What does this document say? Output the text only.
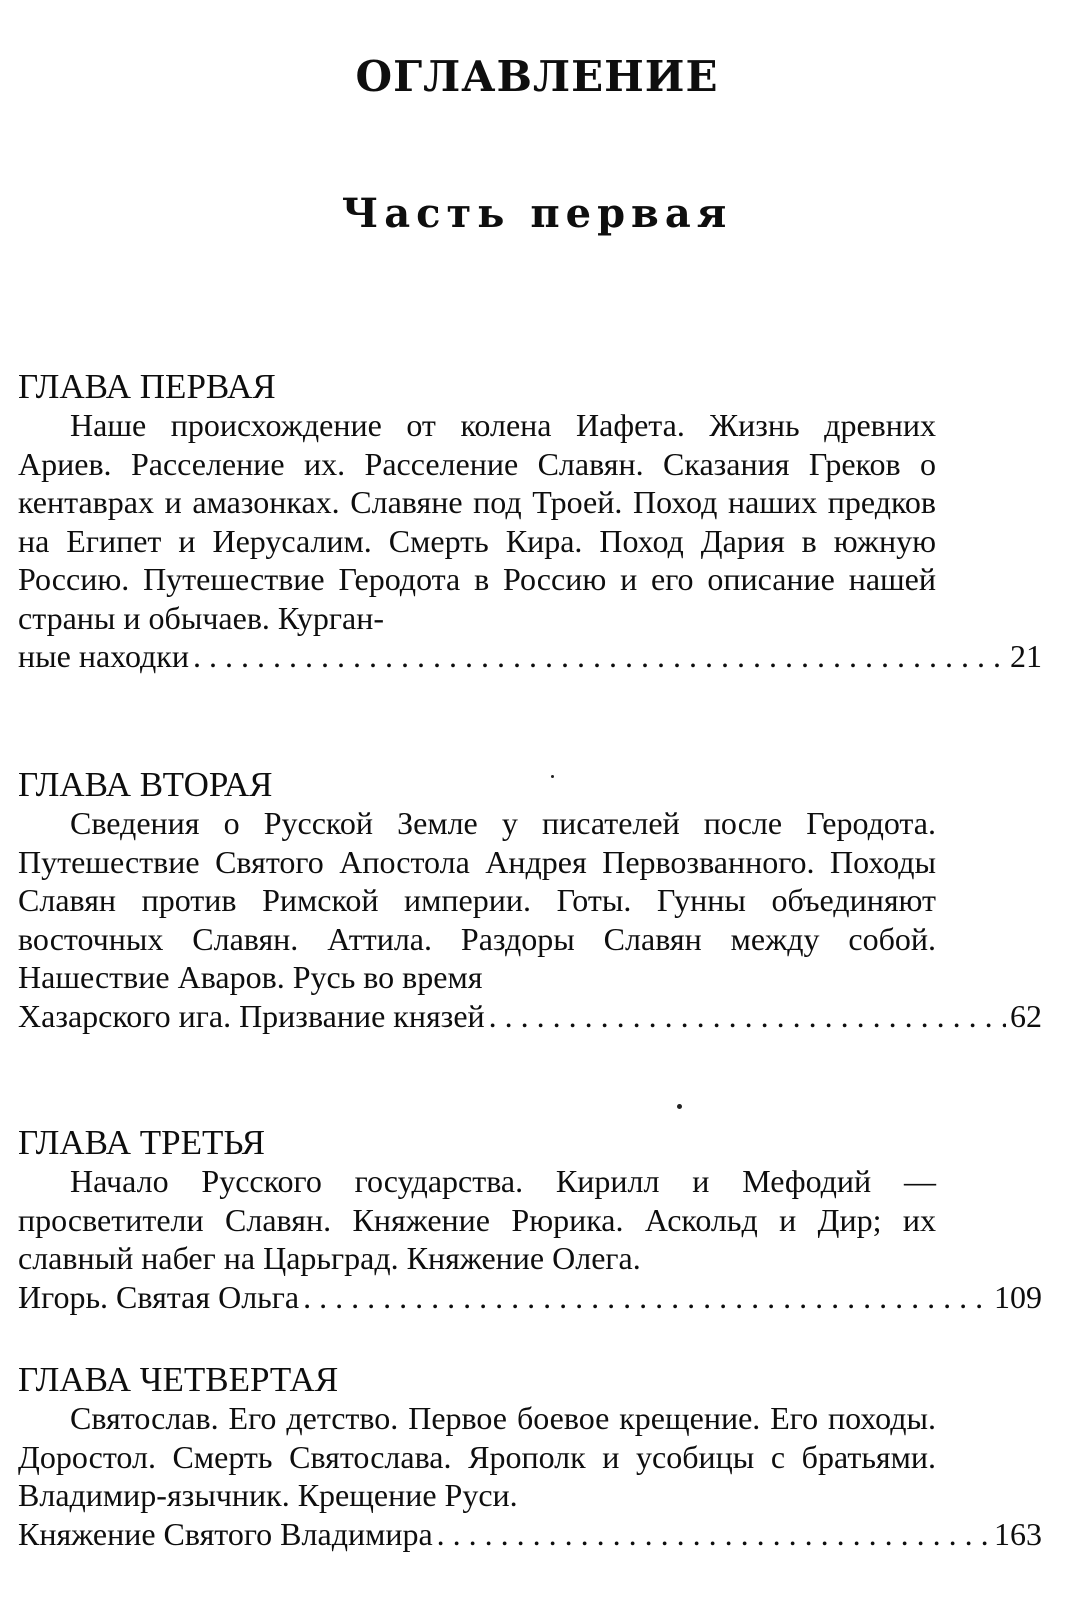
ОГЛАВЛЕНИЕ
Часть первая

ГЛАВА ПЕРВАЯ

Наше происхождение от колена Иафета. Жизнь древних Ариев. Расселение их. Расселение Славян. Сказания Греков о кентаврах и амазонках. Славяне под Троей. Поход наших предков на Египет и Иерусалим. Смерть Кира. Поход Дария в южную Россию. Путешествие Геродота в Россию и его описание нашей страны и обычаев. Курган-

ные находки . . .	21

ГЛАВА ВТОРАЯ

Сведения о Русской Земле у писателей после Геродота. Путешествие Святого Апостола Андрея Первозванного. Походы Славян против Римской империи. Готы. Гунны объединяют восточных Славян. Аттила. Раздоры Славян между собой. Нашествие Аваров. Русь во время

Хазарского ига. Призвание князей . . .	62

ГЛАВА ТРЕТЬЯ

Начало Русского государства. Кирилл и Мефодий — просветители Славян. Княжение Рюрика. Аскольд и Дир; их славный набег на Царьград. Княжение Олега.

Игорь. Святая Ольга . . .	109

ГЛАВА ЧЕТВЕРТАЯ

Святослав. Его детство. Первое боевое крещение. Его походы. Доростол. Смерть Святослава. Ярополк и усобицы с братьями. Владимир-язычник. Крещение Руси.

Княжение Святого Владимира . . .	163
